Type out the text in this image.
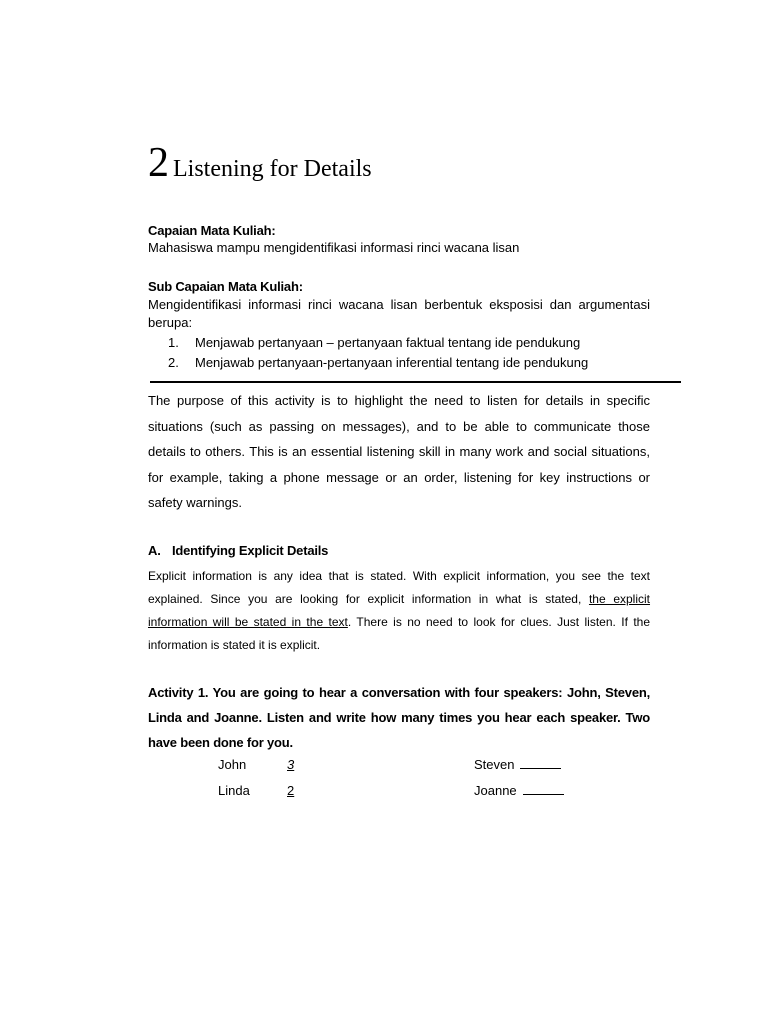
2 Listening for Details
Capaian Mata Kuliah:
Mahasiswa mampu mengidentifikasi informasi rinci wacana lisan
Sub Capaian Mata Kuliah:
Mengidentifikasi informasi rinci wacana lisan berbentuk eksposisi dan argumentasi berupa:
1. Menjawab pertanyaan – pertanyaan faktual tentang ide pendukung
2. Menjawab pertanyaan-pertanyaan inferential tentang ide pendukung
The purpose of this activity is to highlight the need to listen for details in specific situations (such as passing on messages), and to be able to communicate those details to others. This is an essential listening skill in many work and social situations, for example, taking a phone message or an order, listening for key instructions or safety warnings.
A. Identifying Explicit Details
Explicit information is any idea that is stated. With explicit information, you see the text explained. Since you are looking for explicit information in what is stated, the explicit information will be stated in the text. There is no need to look for clues. Just listen. If the information is stated it is explicit.
Activity 1. You are going to hear a conversation with four speakers: John, Steven, Linda and Joanne. Listen and write how many times you hear each speaker. Two have been done for you.
John	3
Linda	2
Steven
Joanne
